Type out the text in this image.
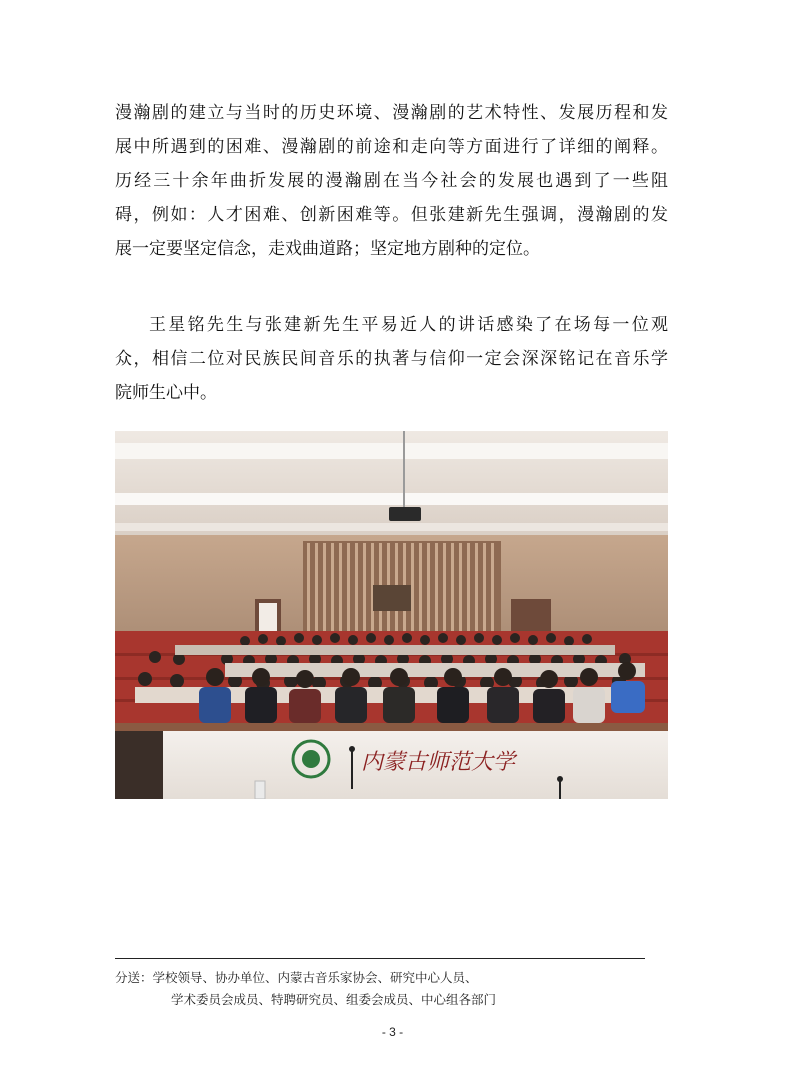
漫瀚剧的建立与当时的历史环境、漫瀚剧的艺术特性、发展历程和发
展中所遇到的困难、漫瀚剧的前途和走向等方面进行了详细的阐释。
历经三十余年曲折发展的漫瀚剧在当今社会的发展也遇到了一些阻
碍，例如：人才困难、创新困难等。但张建新先生强调，漫瀚剧的发
展一定要坚定信念，走戏曲道路；坚定地方剧种的定位。
王星铭先生与张建新先生平易近人的讲话感染了在场每一位观
众，相信二位对民族民间音乐的执著与信仰一定会深深铭记在音乐学
院师生心中。
内蒙古师范大学
分送：学校领导、协办单位、内蒙古音乐家协会、研究中心人员、
学术委员会成员、特聘研究员、组委会成员、中心组各部门
- 3 -
